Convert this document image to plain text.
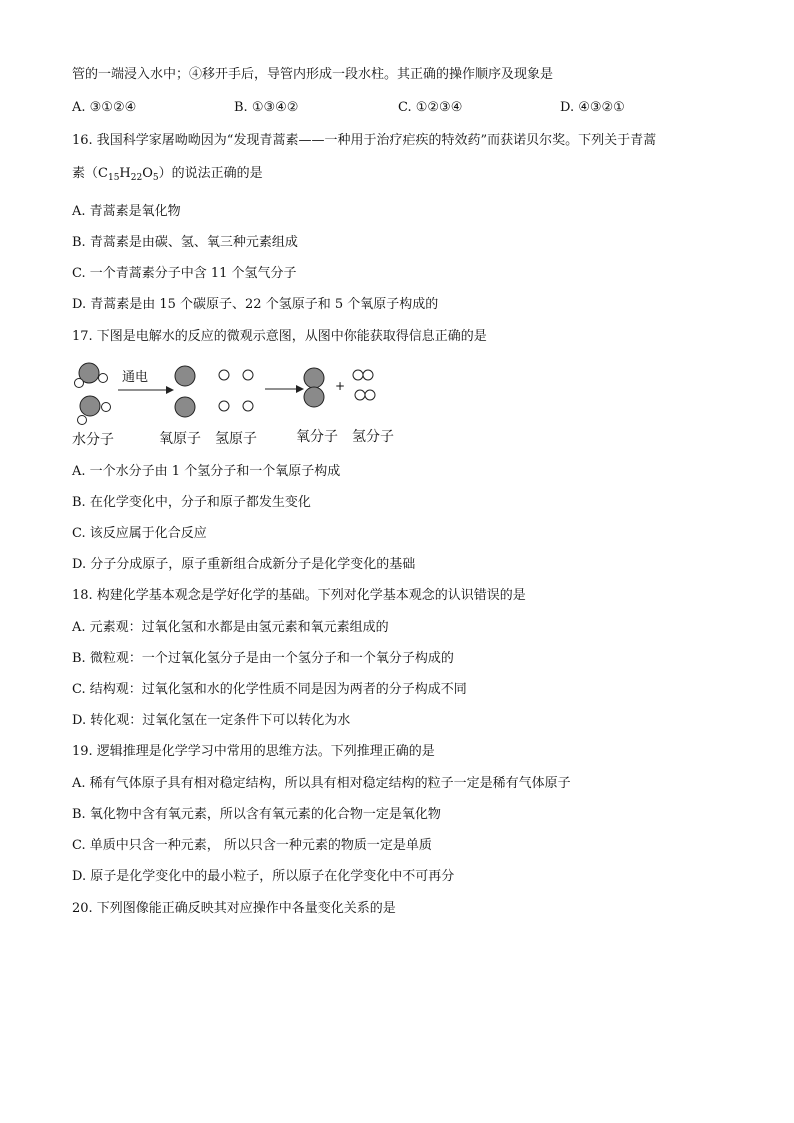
管的一端浸入水中；④移开手后，导管内形成一段水柱。其正确的操作顺序及现象是
A. ③①②④	B. ①③④②	C. ①②③④	D. ④③②①
16. 我国科学家屠呦呦因为“发现青蒿素——一种用于治疗疟疾的特效药”而获诺贝尔奖。下列关于青蒿
素$(C_{15}H_{22}O_5)$的说法正确的是
A. 青蒿素是氧化物
B. 青蒿素是由碳、氢、氧三种元素组成
C. 一个青蒿素分子中含 11 个氢气分子
D. 青蒿素是由 15 个碳原子、22 个氢原子和 5 个氧原子构成的
17. 下图是电解水的反应的微观示意图，从图中你能获取得信息正确的是
通电
+
水分子	氧原子 氢原子	氧分子 氢分子
A. 一个水分子由 1 个氢分子和一个氧原子构成
B. 在化学变化中，分子和原子都发生变化
C. 该反应属于化合反应
D. 分子分成原子，原子重新组合成新分子是化学变化的基础
18. 构建化学基本观念是学好化学的基础。下列对化学基本观念的认识错误的是
A. 元素观：过氧化氢和水都是由氢元素和氧元素组成的
B. 微粒观：一个过氧化氢分子是由一个氢分子和一个氧分子构成的
C. 结构观：过氧化氢和水的化学性质不同是因为两者的分子构成不同
D. 转化观：过氧化氢在一定条件下可以转化为水
19. 逻辑推理是化学学习中常用的思维方法。下列推理正确的是
A. 稀有气体原子具有相对稳定结构，所以具有相对稳定结构的粒子一定是稀有气体原子
B. 氧化物中含有氧元素，所以含有氧元素的化合物一定是氧化物
C. 单质中只含一种元素， 所以只含一种元素的物质一定是单质
D. 原子是化学变化中的最小粒子，所以原子在化学变化中不可再分
20. 下列图像能正确反映其对应操作中各量变化关系的是
